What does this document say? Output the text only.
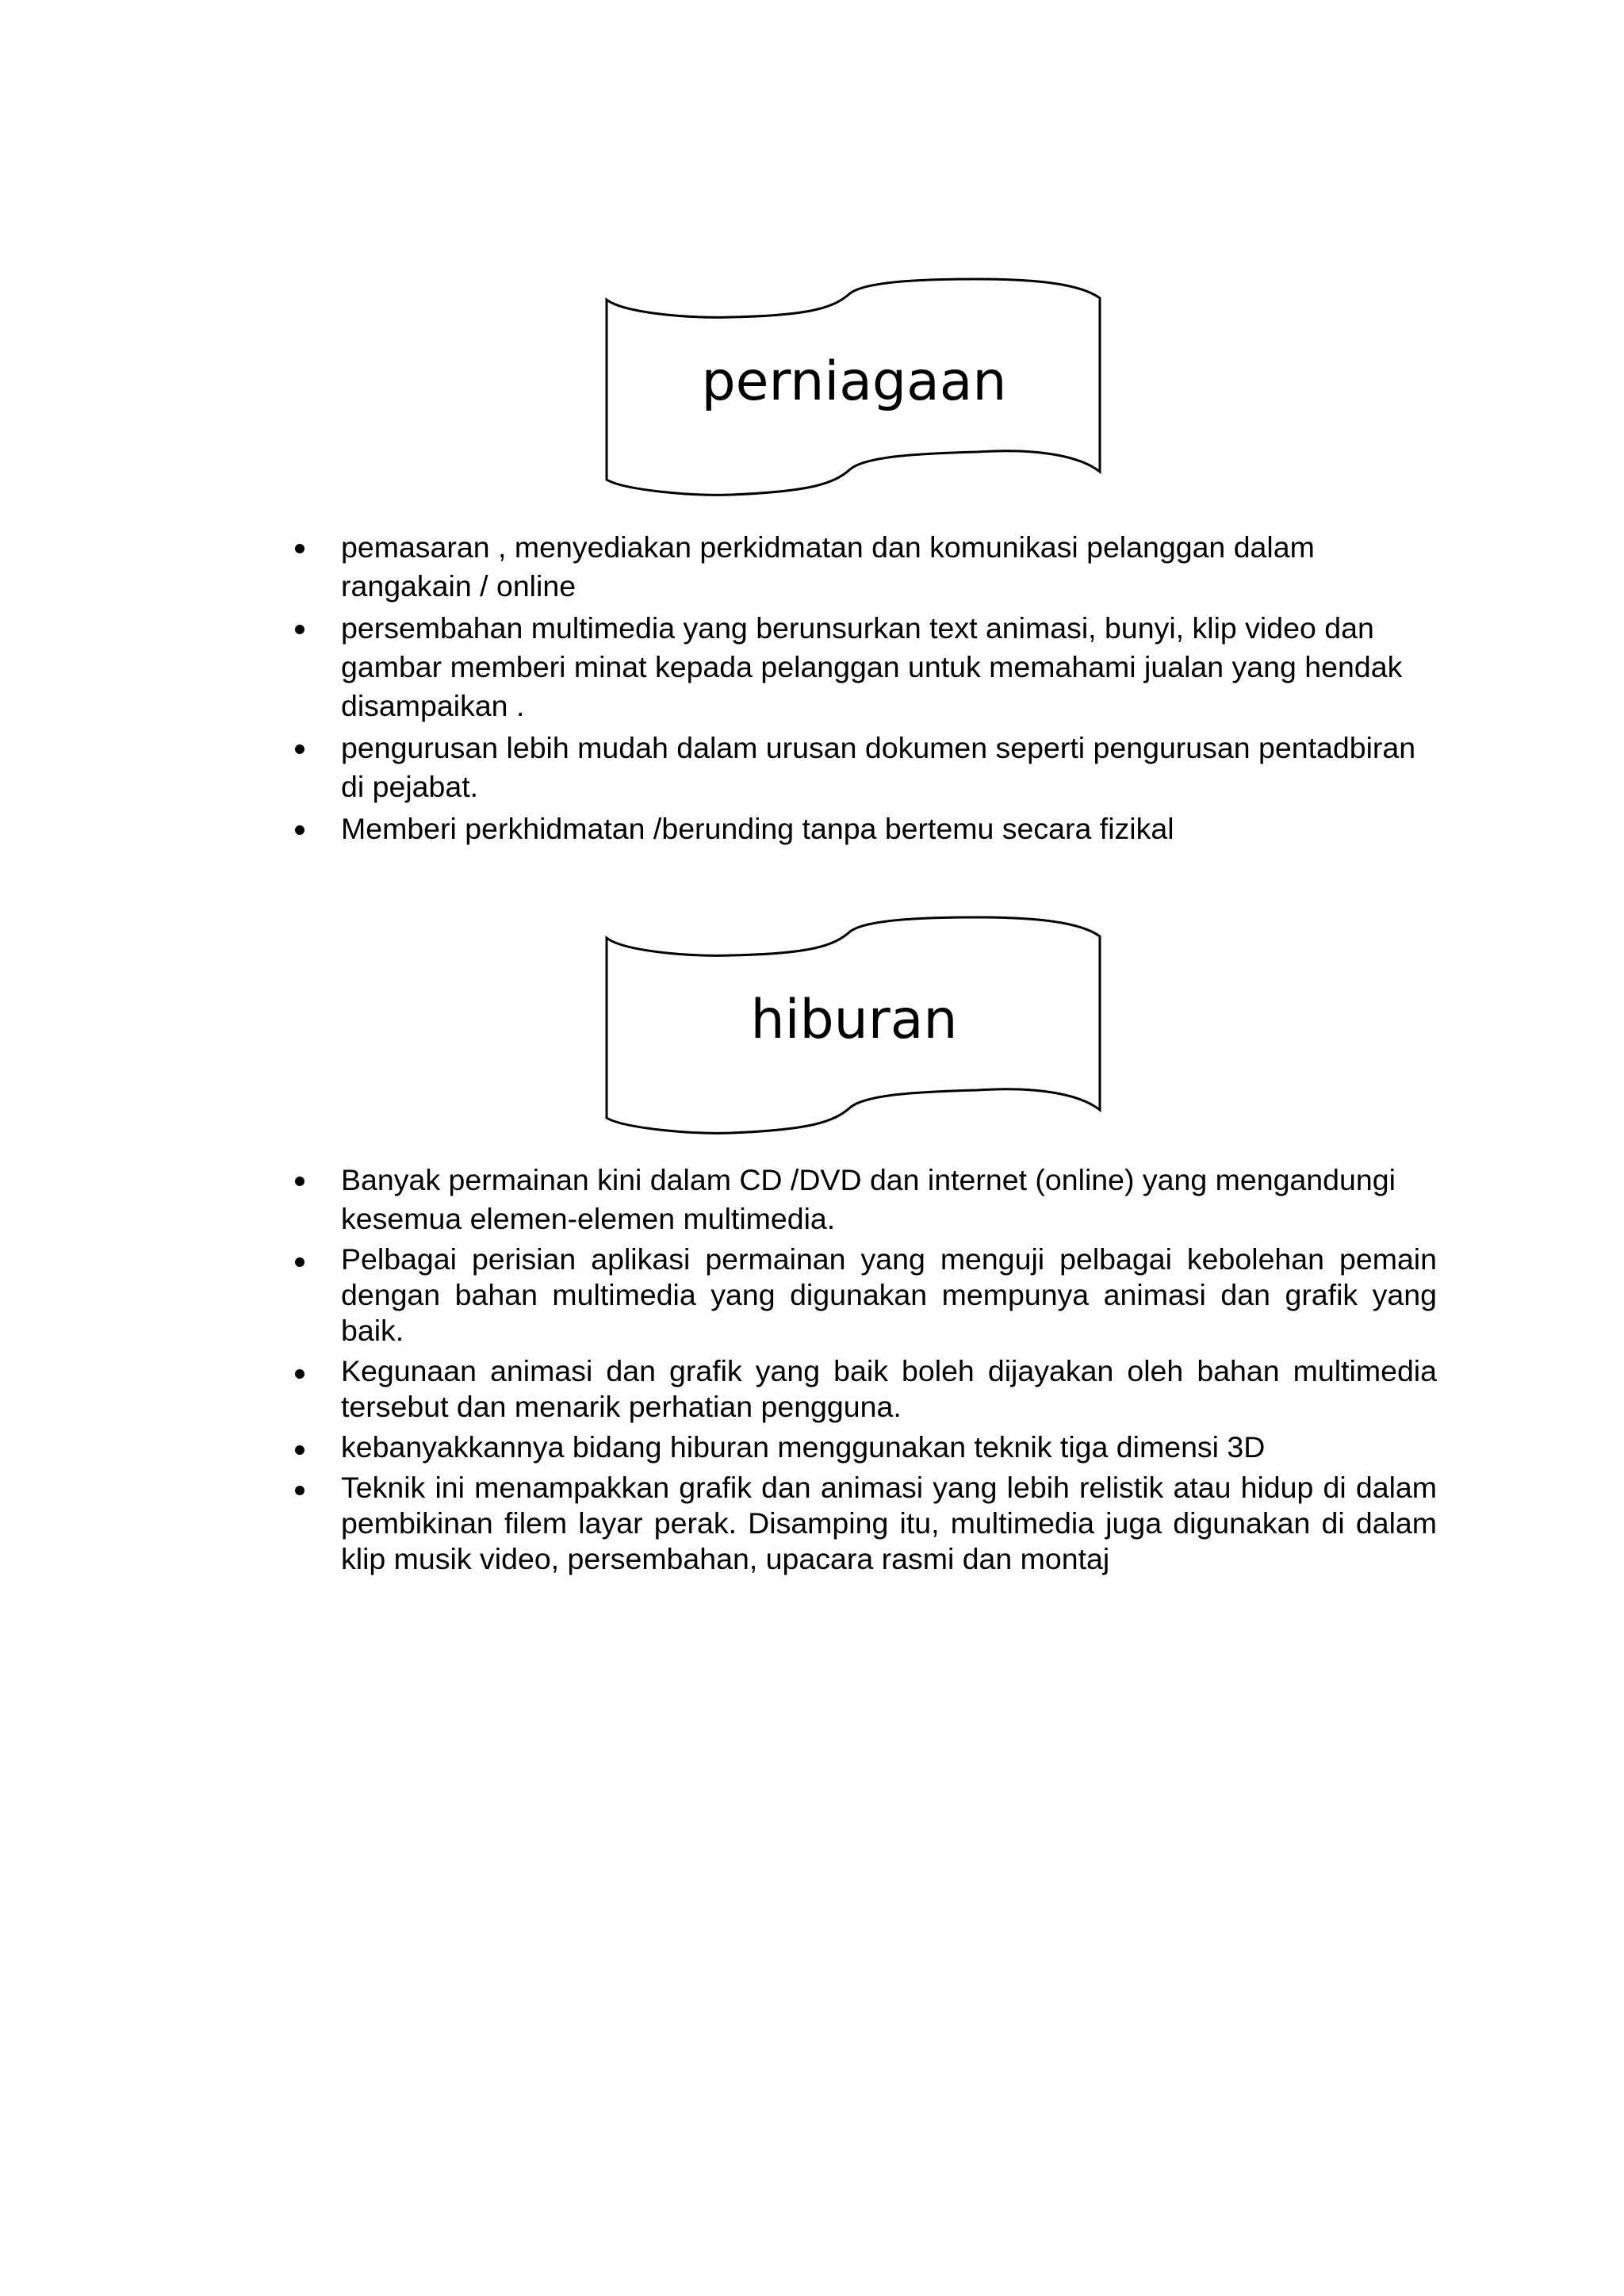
perniagaan
pemasaran , menyediakan perkidmatan dan komunikasi pelanggan dalam rangakain / online
persembahan multimedia yang berunsurkan text animasi, bunyi, klip video dan gambar memberi minat kepada pelanggan untuk memahami jualan yang hendak disampaikan .
pengurusan lebih mudah dalam urusan dokumen seperti pengurusan pentadbiran di pejabat.
Memberi perkhidmatan /berunding tanpa bertemu secara fizikal
hiburan
Banyak permainan kini dalam CD /DVD dan internet (online) yang mengandungi kesemua elemen-elemen multimedia.
Pelbagai perisian aplikasi permainan yang menguji pelbagai kebolehan pemain dengan bahan multimedia yang digunakan mempunya animasi dan grafik yang baik.
Kegunaan animasi dan grafik yang baik boleh dijayakan oleh bahan multimedia tersebut dan menarik perhatian pengguna.
kebanyakkannya bidang hiburan menggunakan teknik tiga dimensi 3D
Teknik ini menampakkan grafik dan animasi yang lebih relistik atau hidup di dalam pembikinan filem layar perak. Disamping itu, multimedia juga digunakan di dalam klip musik video, persembahan, upacara rasmi dan montaj
